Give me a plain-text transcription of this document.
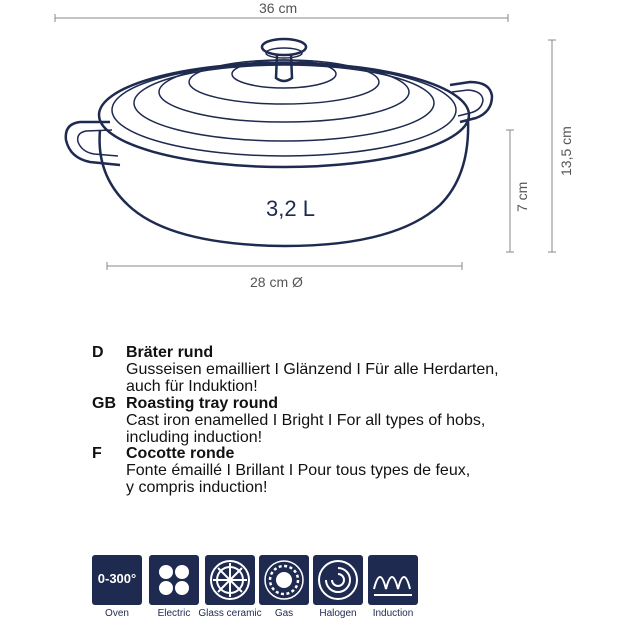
36 cm
28 cm Ø
7 cm
13,5 cm
3,2 L
D Bräter rund
Gusseisen emailliert I Glänzend I Für alle Herdarten,
auch für Induktion!
GB Roasting tray round
Cast iron enamelled I Bright I For all types of hobs,
including induction!
F Cocotte ronde
Fonte émaillé I Brillant I Pour tous types de feux,
y compris induction!
0-300°
Oven	Electric Glass ceramic	Gas	Halogen	Induction
